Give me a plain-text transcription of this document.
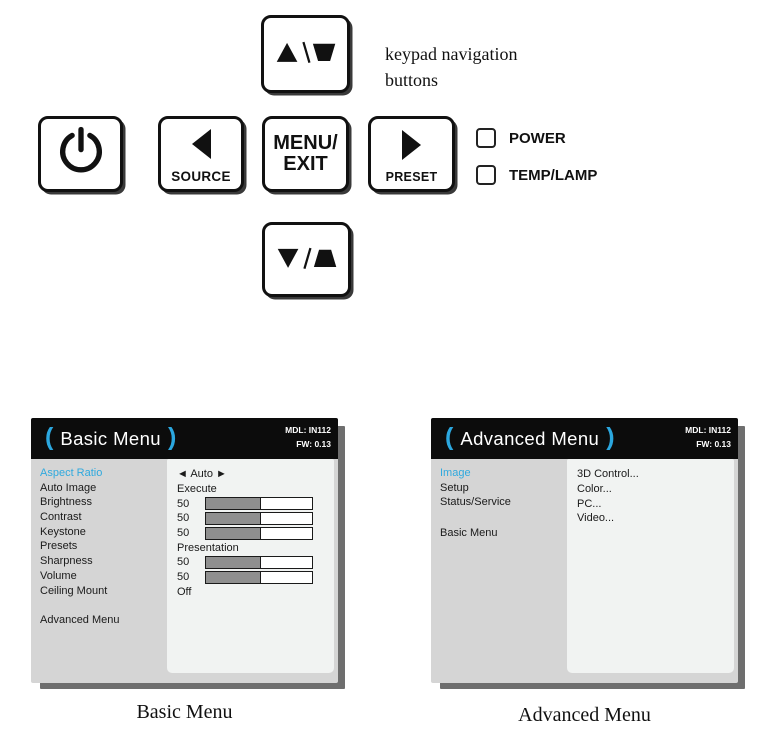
keypad navigation buttons
SOURCE
MENU/
EXIT
PRESET
POWER
TEMP/LAMP
( Basic Menu )	MDL: IN112
FW: 0.13
Aspect Ratio
Auto Image
Brightness
Contrast
Keystone
Presets
Sharpness
Volume
Ceiling Mount
Advanced Menu
◄ Auto ►
Execute
50
50
50
Presentation
50
50
Off
Basic Menu
( Advanced Menu )	MDL: IN112
FW: 0.13
Image
Setup
Status/Service
Basic Menu
3D Control...
Color...
PC...
Video...
Advanced Menu
